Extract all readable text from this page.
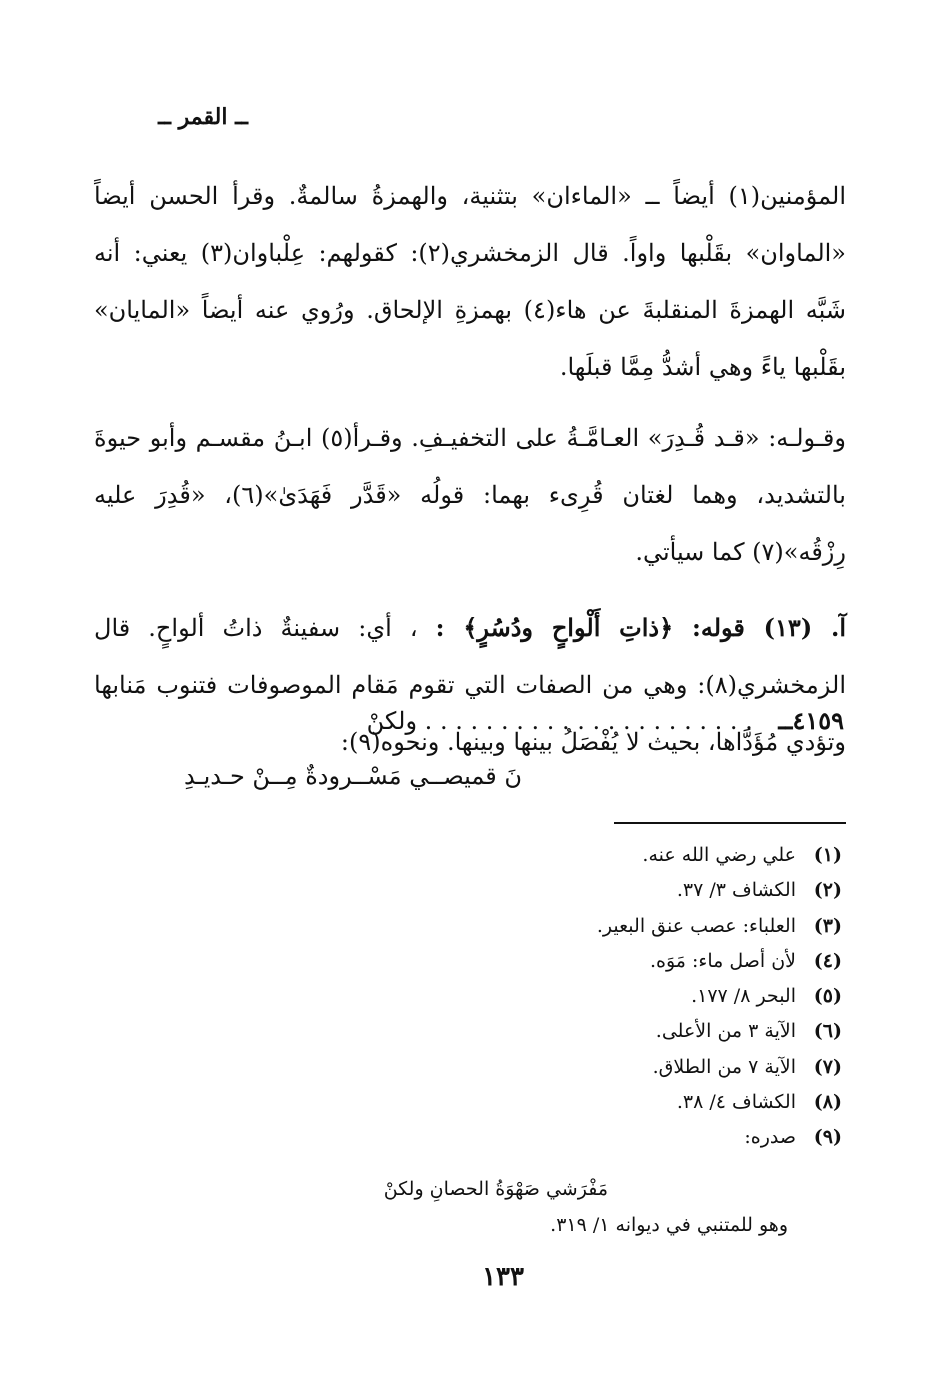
ــ القمر ــ

المؤمنين(١) أيضاً ــ «الماءان» بتثنية، والهمزةُ سالمةٌ. وقرأ الحسن أيضاً «الماوان» بقَلْبها واواً. قال الزمخشري(٢): كقولهم: عِلْباوان(٣) يعني: أنه شَبَّه الهمزةَ المنقلبةَ عن هاء(٤) بهمزةِ الإلحاق. ورُوي عنه أيضاً «المايان» بقَلْبها ياءً وهي أشدُّ مِمَّا قبلَها.

وقـولـه: «قـد قُـدِرَ» العـامَّـةُ على التخفيـفِ. وقـرأ(٥) ابـنُ مقسـم وأبو حيوةَ بالتشديد، وهما لغتان قُرِىء بهما: قولُه «قَدَّر فَهَدَىٰ»(٦)، «قُدِرَ عليه رِزْقُه»(٧) كما سيأتي.

آ. (١٣) قوله: ﴿ذاتِ أَلْواحٍ ودُسُرٍ﴾ : ، أي: سفينةٌ ذاتُ ألواحٍ. قال الزمخشري(٨): وهي من الصفات التي تقوم مَقام الموصوفات فتنوب مَنابها وتؤدي مُؤَدَّاها، بحيث لا يُفْصَلُ بينها وبينها. ونحوه(٩):

٤١٥٩ــ . . . . . . . . . . . . . . . . . . . . . . ولكنْ
نَ قميصــي مَسْــرودةٌ مِــنْ حـديـدِ
(١)علي رضي الله عنه.
(٢)الكشاف ٣/ ٣٧.
(٣)العلباء: عصب عنق البعير.
(٤)لأن أصل ماء: مَوَه.
(٥)البحر ٨/ ١٧٧.
(٦)الآية ٣ من الأعلى.
(٧)الآية ٧ من الطلاق.
(٨)الكشاف ٤/ ٣٨.
(٩)صدره:
مَفْرَشي صَهْوَةُ الحصانِ ولكنْ
وهو للمتنبي في ديوانه ١/ ٣١٩.
١٣٣
